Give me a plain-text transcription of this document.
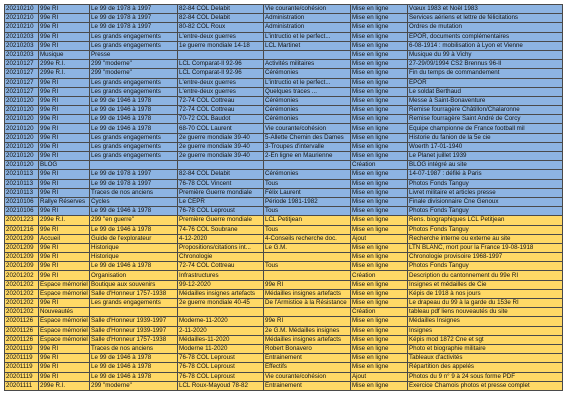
20210210	99e RI	Le 99 de 1978 à 1997	82-84 COL Delabit	Vie courante/cohésion	Mise en ligne	Vœux 1983 et Noël 1983
20210210	99e RI	Le 99 de 1978 à 1997	82-84 COL Delabit	Administration	Mise en ligne	Services aériens et lettre de félicitations
20210210	99e RI	Le 99 de 1978 à 1997	80-82 COL Roux	Administration	Mise en ligne	Ordres de mutation
20210203	99e RI	Les grands engagements	L'entre-deux guerres	L'intructio et le perfect...	Mise en ligne	EPOR, documents complémentaires
20210203	99e RI	Les grands engagements	1e guerre mondiale 14-18	LCL Martinet	Mise en ligne	6-08-1914 : mobilisation à Lyon et Vienne
20210203	Musique	Presse			Mise en ligne	Musique du 99 à Vichy
20210127	299e R.I.	299 "moderne"	LCL Comparat-Il 92-96	Activités militaires	Mise en ligne	27-29/09/1994 CS2 Brennus 96-II
20210127	299e R.I.	299 "moderne"	LCL Comparat-Il 92-96	Cérémonies	Mise en ligne	Fin du temps de commandement
20210127	99e RI	Les grands engagements	L'entre-deux guerres	L'intructio et le perfect...	Mise en ligne	EPOR
20210127	99e RI	Les grands engagements	L'entre-deux guerres	Quelques traces ...	Mise en ligne	Le soldat Berthaud
20210120	99e RI	Le 99 de 1946 à 1978	72-74 COL Cottreau	Cérémonies	Mise en ligne	Messe à Saint-Bonaventure
20210120	99e RI	Le 99 de 1946 à 1978	72-74 COL Cottreau	Cérémonies	Mise en ligne	Remise fourragère Châtillon/Chalaronne
20210120	99e RI	Le 99 de 1946 à 1978	70-72 COL Baudot	Cérémonies	Mise en ligne	Remise fourragère Saint André de Corcy
20210120	99e RI	Le 99 de 1946 à 1978	68-70 COL Laurent	Vie courante/cohésion	Mise en ligne	Equipe championne de France football mil
20210120	99e RI	Les grands engagements	2e guerre mondiale 39-40	5-Allette Chemin des Dames	Mise en ligne	Historie du fanion de la 5e cie
20210120	99e RI	Les grands engagements	2e guerre mondiale 39-40	3-Troupes d'intervalle	Mise en ligne	Woerth 17-01-1940
20210120	99e RI	Les grands engagements	2e guerre mondiale 39-40	2-En ligne en Maurienne	Mise en ligne	Le Planet juillet 1939
20210120	BLOG				Création	BLOG intégré au site
20210113	99e RI	Le 99 de 1978 à 1997	82-84 COL Delabit	Cérémonies	Mise en ligne	14-07-1987 : défilé à Paris
20210113	99e RI	Le 99 de 1978 à 1997	76-78 COL Vincent	Tous	Mise en ligne	Photos Fonds Tanguy
20210113	99e RI	Traces de nos anciens	Première Guerre mondiale	Félix Laurent	Mise en ligne	Livret militaire et articles presse
20210106	Rallye Réserves	Cycles	Le CEPR	Période 1981-1982	Mise en ligne	Finale divisionnaire Cne Genoux
20210106	99e RI	Le 99 de 1946 à 1978	76-78 COL Leproust	Tous	Mise en ligne	Photos Fonds Tanguy
20201223	299e R.I.	299 "en guerre"	Première Guerre mondiale	LCL Petitjean	Mise en ligne	Rens. biographiques LCL Petitjean
20201216	99e RI	Le 99 de 1946 à 1978	74-76 COL Soubrane	Tous	Mise en ligne	Photos Fonds Tanguy
20201209	Accueil	Guide de l'explorateur	4-12-2020	4-Conseils recherche doc.	Ajout	Recherche interne ou externe au site
20201209	99e RI	Historique	Propositions/citations int...	Le G.M.	Mise en ligne	LTN BLANC, mort pour la France 19-08-1918
20201209	99e RI	Historique	Chronologie		Mise en ligne	Chronologie provisoire 1968-1997
20201209	99e RI	Le 99 de 1946 à 1978	72-74 COL Cottreau	Tous	Mise en ligne	Photos Fonds Tanguy
20201202	99e RI	Organisation	Infrastructures		Création	Description du cantonnement du 99e RI
20201202	Espace mémoriel	Boutique aux souvenirs	99-12-2020	99e RI	Mise en ligne	Insignes et médailles de Cie
20201202	Espace mémoriel	Salle d'Honneur 1757-1938	Médailles insignes artefacts	Médailles insignes artefacts	Mise en ligne	Képis de 1918 à nos jours
20201202	99e RI	Les grands engagements	2e guerre mondiale 40-45	De l'Armistice à la Résistance	Mise en ligne	Le drapeau du 99 à la garde du 153e RI
20201202	Nouveautés				Création	tableau pdf liens nouveautés du site
20201126	Espace mémoriel	Salle d'Honneur 1939-1997	Moderne-11-2020	99e RI	Mise en ligne	Médailles Insignes
20201126	Espace mémoriel	Salle d'Honneur 1939-1997	2-11-2020	2e G.M. Médailles insignes	Mise en ligne	Insignes
20201126	Espace mémoriel	Salle d'Honneur 1757-1938	Médailles-11-2020	Médailles insignes artefacts	Mise en ligne	Képis mod 1872 Cne et sgt
20201119	99e RI	Traces de nos anciens	Moderne 11-2020	Robert Bonavero	Mise en ligne	Photo et biographie militaire
20201119	99e RI	Le 99 de 1946 à 1978	76-78 COL Leproust	Entrainement	Mise en ligne	Tableaux d'activités
20201119	99e RI	Le 99 de 1946 à 1978	76-78 COL Leproust	Effectifs	Mise en ligne	Répartition des appelés
20201119	99e RI	Le 99 de 1946 à 1978	76-78 COL Leproust	Vie courante/cohésion	Ajout	Photos du 9 n° 9 à 24 sous forme PDF
20201111	299e R.I.	299 "moderne"	LCL Roux-Mayoud 78-82	Entrainement	Mise en ligne	Exercice Chamois photos et presse complet
